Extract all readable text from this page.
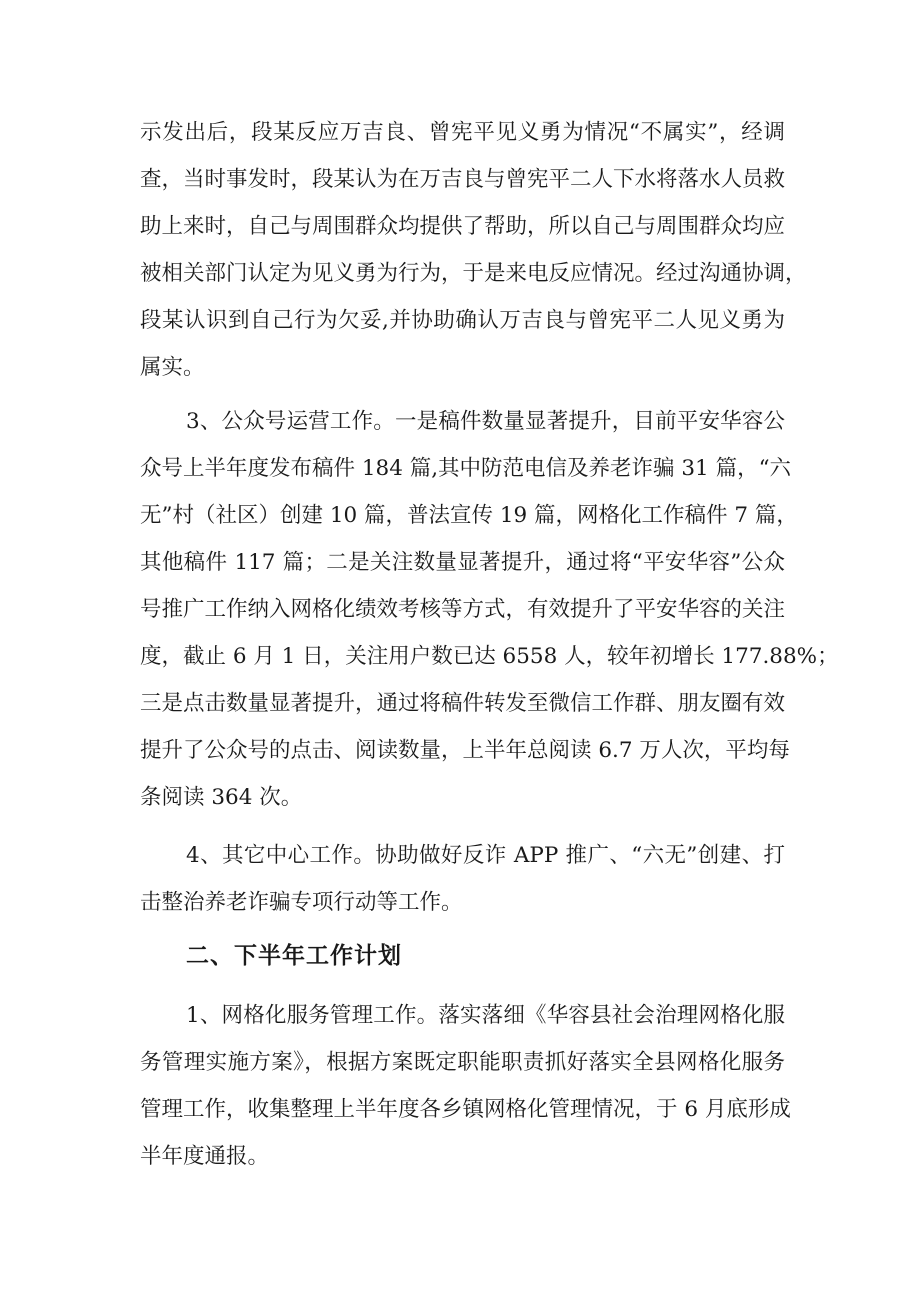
示发出后，段某反应万吉良、曾宪平见义勇为情况“不属实”，经调
查，当时事发时，段某认为在万吉良与曾宪平二人下水将落水人员救
助上来时，自己与周围群众均提供了帮助，所以自己与周围群众均应
被相关部门认定为见义勇为行为，于是来电反应情况。经过沟通协调，
段某认识到自己行为欠妥,并协助确认万吉良与曾宪平二人见义勇为
属实。
3、公众号运营工作。一是稿件数量显著提升，目前平安华容公
众号上半年度发布稿件 184 篇,其中防范电信及养老诈骗 31 篇，“六
无”村（社区）创建 10 篇，普法宣传 19 篇，网格化工作稿件 7 篇，
其他稿件 117 篇；二是关注数量显著提升，通过将“平安华容”公众
号推广工作纳入网格化绩效考核等方式，有效提升了平安华容的关注
度，截止 6 月 1 日，关注用户数已达 6558 人，较年初增长 177.88%；
三是点击数量显著提升，通过将稿件转发至微信工作群、朋友圈有效
提升了公众号的点击、阅读数量，上半年总阅读 6.7 万人次，平均每
条阅读 364 次。
4、其它中心工作。协助做好反诈 APP 推广、“六无”创建、打
击整治养老诈骗专项行动等工作。
二、下半年工作计划
1、网格化服务管理工作。落实落细《华容县社会治理网格化服
务管理实施方案》，根据方案既定职能职责抓好落实全县网格化服务
管理工作，收集整理上半年度各乡镇网格化管理情况，于 6 月底形成
半年度通报。
